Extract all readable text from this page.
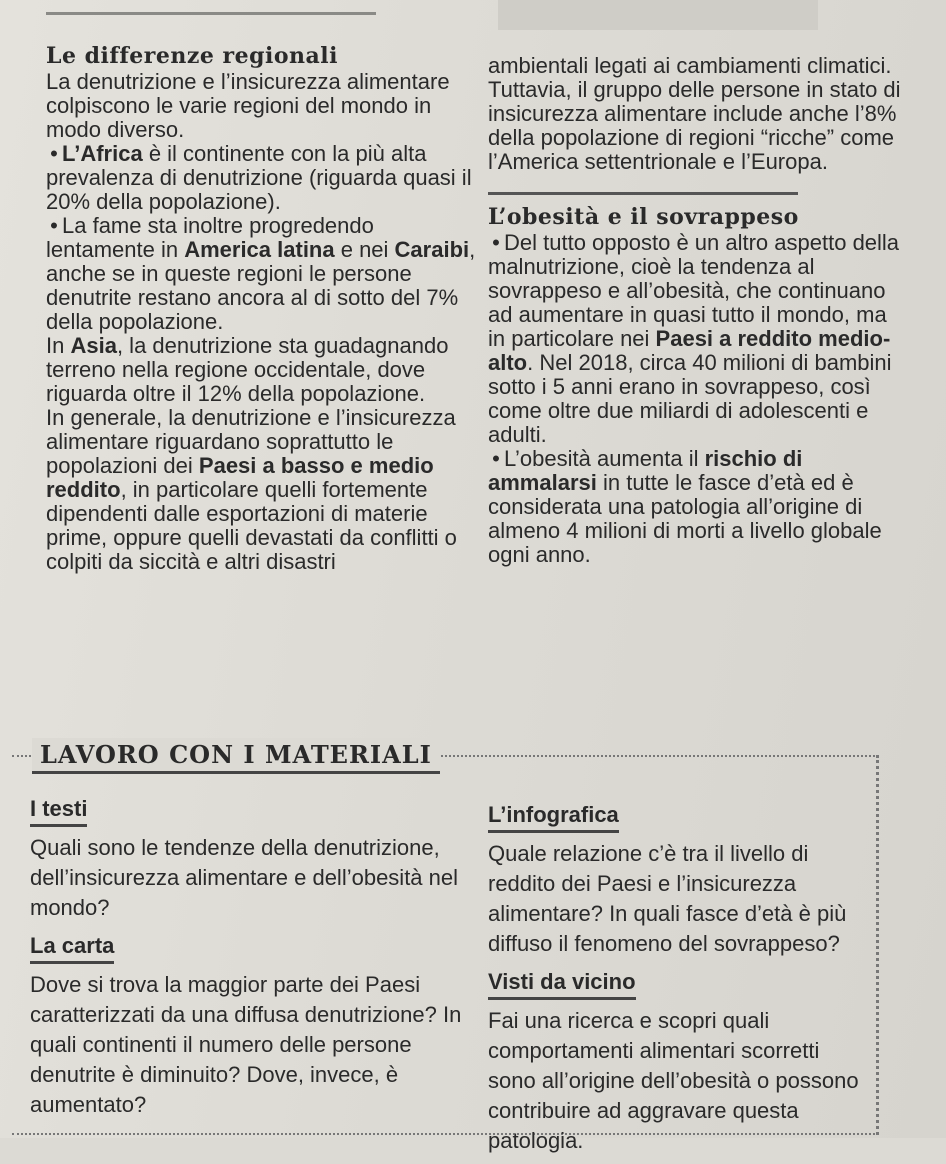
Le differenze regionali

La denutrizione e l’insicurezza alimentare colpiscono le varie regioni del mondo in modo diverso.

• L’Africa è il continente con la più alta prevalenza di denutrizione (riguarda quasi il 20% della popolazione).

• La fame sta inoltre progredendo lentamente in America latina e nei Caraibi, anche se in queste regioni le persone denutrite restano ancora al di sotto del 7% della popolazione.

In Asia, la denutrizione sta guadagnando terreno nella regione occidentale, dove riguarda oltre il 12% della popolazione.

In generale, la denutrizione e l’insicurezza alimentare riguardano soprattutto le popolazioni dei Paesi a basso e medio reddito, in particolare quelli fortemente dipendenti dalle esportazioni di materie prime, oppure quelli devastati da conflitti o colpiti da siccità e altri disastri

ambientali legati ai cambiamenti climatici.

Tuttavia, il gruppo delle persone in stato di insicurezza alimentare include anche l’8% della popolazione di regioni “ricche” come l’America settentrionale e l’Europa.

L’obesità e il sovrappeso

• Del tutto opposto è un altro aspetto della malnutrizione, cioè la tendenza al sovrappeso e all’obesità, che continuano ad aumentare in quasi tutto il mondo, ma in particolare nei Paesi a reddito medio-alto. Nel 2018, circa 40 milioni di bambini sotto i 5 anni erano in sovrappeso, così come oltre due miliardi di adolescenti e adulti.

• L’obesità aumenta il rischio di ammalarsi in tutte le fasce d’età ed è considerata una patologia all’origine di almeno 4 milioni di morti a livello globale ogni anno.

LAVORO CON I MATERIALI
I testi

Quali sono le tendenze della denutrizione, dell’insicurezza alimentare e dell’obesità nel mondo?

La carta

Dove si trova la maggior parte dei Paesi caratterizzati da una diffusa denutrizione? In quali continenti il numero delle persone denutrite è diminuito? Dove, invece, è aumentato?

L’infografica

Quale relazione c’è tra il livello di reddito dei Paesi e l’insicurezza alimentare? In quali fasce d’età è più diffuso il fenomeno del sovrappeso?

Visti da vicino

Fai una ricerca e scopri quali comportamenti alimentari scorretti sono all’origine dell’obesità o possono contribuire ad aggravare questa patologia.
